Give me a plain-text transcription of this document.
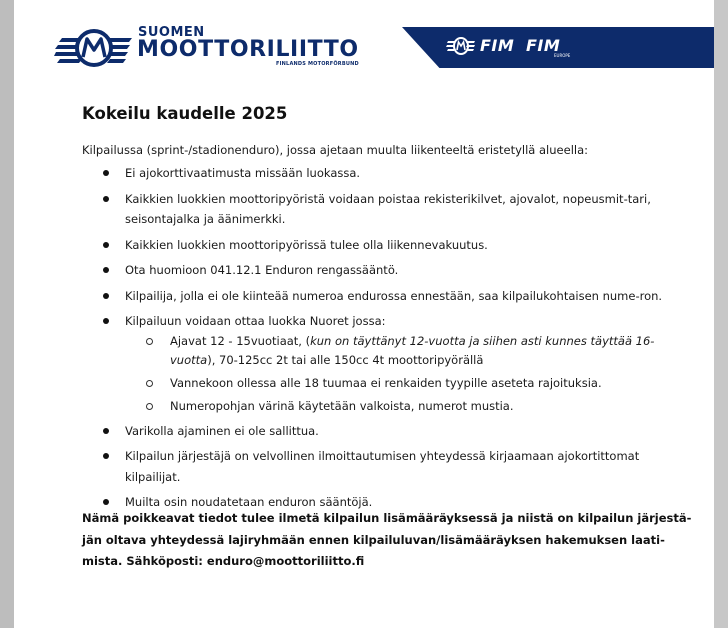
SUOMEN
MOOTTORILIITTO
FINLANDS MOTORFÖRBUND
FIM FIM
EUROPE
Kokeilu kaudelle 2025
Kilpailussa (sprint-/stadionenduro), jossa ajetaan muulta liikenteeltä eristetyllä alueella:
Ei ajokorttivaatimusta missään luokassa.
Kaikkien luokkien moottoripyöristä voidaan poistaa rekisterikilvet, ajovalot, nopeusmit-tari, seisontajalka ja äänimerkki.
Kaikkien luokkien moottoripyörissä tulee olla liikennevakuutus.
Ota huomioon 041.12.1 Enduron rengassääntö.
Kilpailija, jolla ei ole kiinteää numeroa endurossa ennestään, saa kilpailukohtaisen nume-ron.
Kilpailuun voidaan ottaa luokka Nuoret jossa:
Ajavat 12 - 15vuotiaat, (kun on täyttänyt 12-vuotta ja siihen asti kunnes täyttää 16-vuotta), 70-125cc 2t tai alle 150cc 4t moottoripyörällä
Vannekoon ollessa alle 18 tuumaa ei renkaiden tyypille aseteta rajoituksia.
Numeropohjan värinä käytetään valkoista, numerot mustia.
Varikolla ajaminen ei ole sallittua.
Kilpailun järjestäjä on velvollinen ilmoittautumisen yhteydessä kirjaamaan ajokortittomat kilpailijat.
Muilta osin noudatetaan enduron sääntöjä.
Nämä poikkeavat tiedot tulee ilmetä kilpailun lisämääräyksessä ja niistä on kilpailun järjestä-jän oltava yhteydessä lajiryhmään ennen kilpailuluvan/lisämääräyksen hakemuksen laati-mista. Sähköposti: enduro@moottoriliitto.fi
